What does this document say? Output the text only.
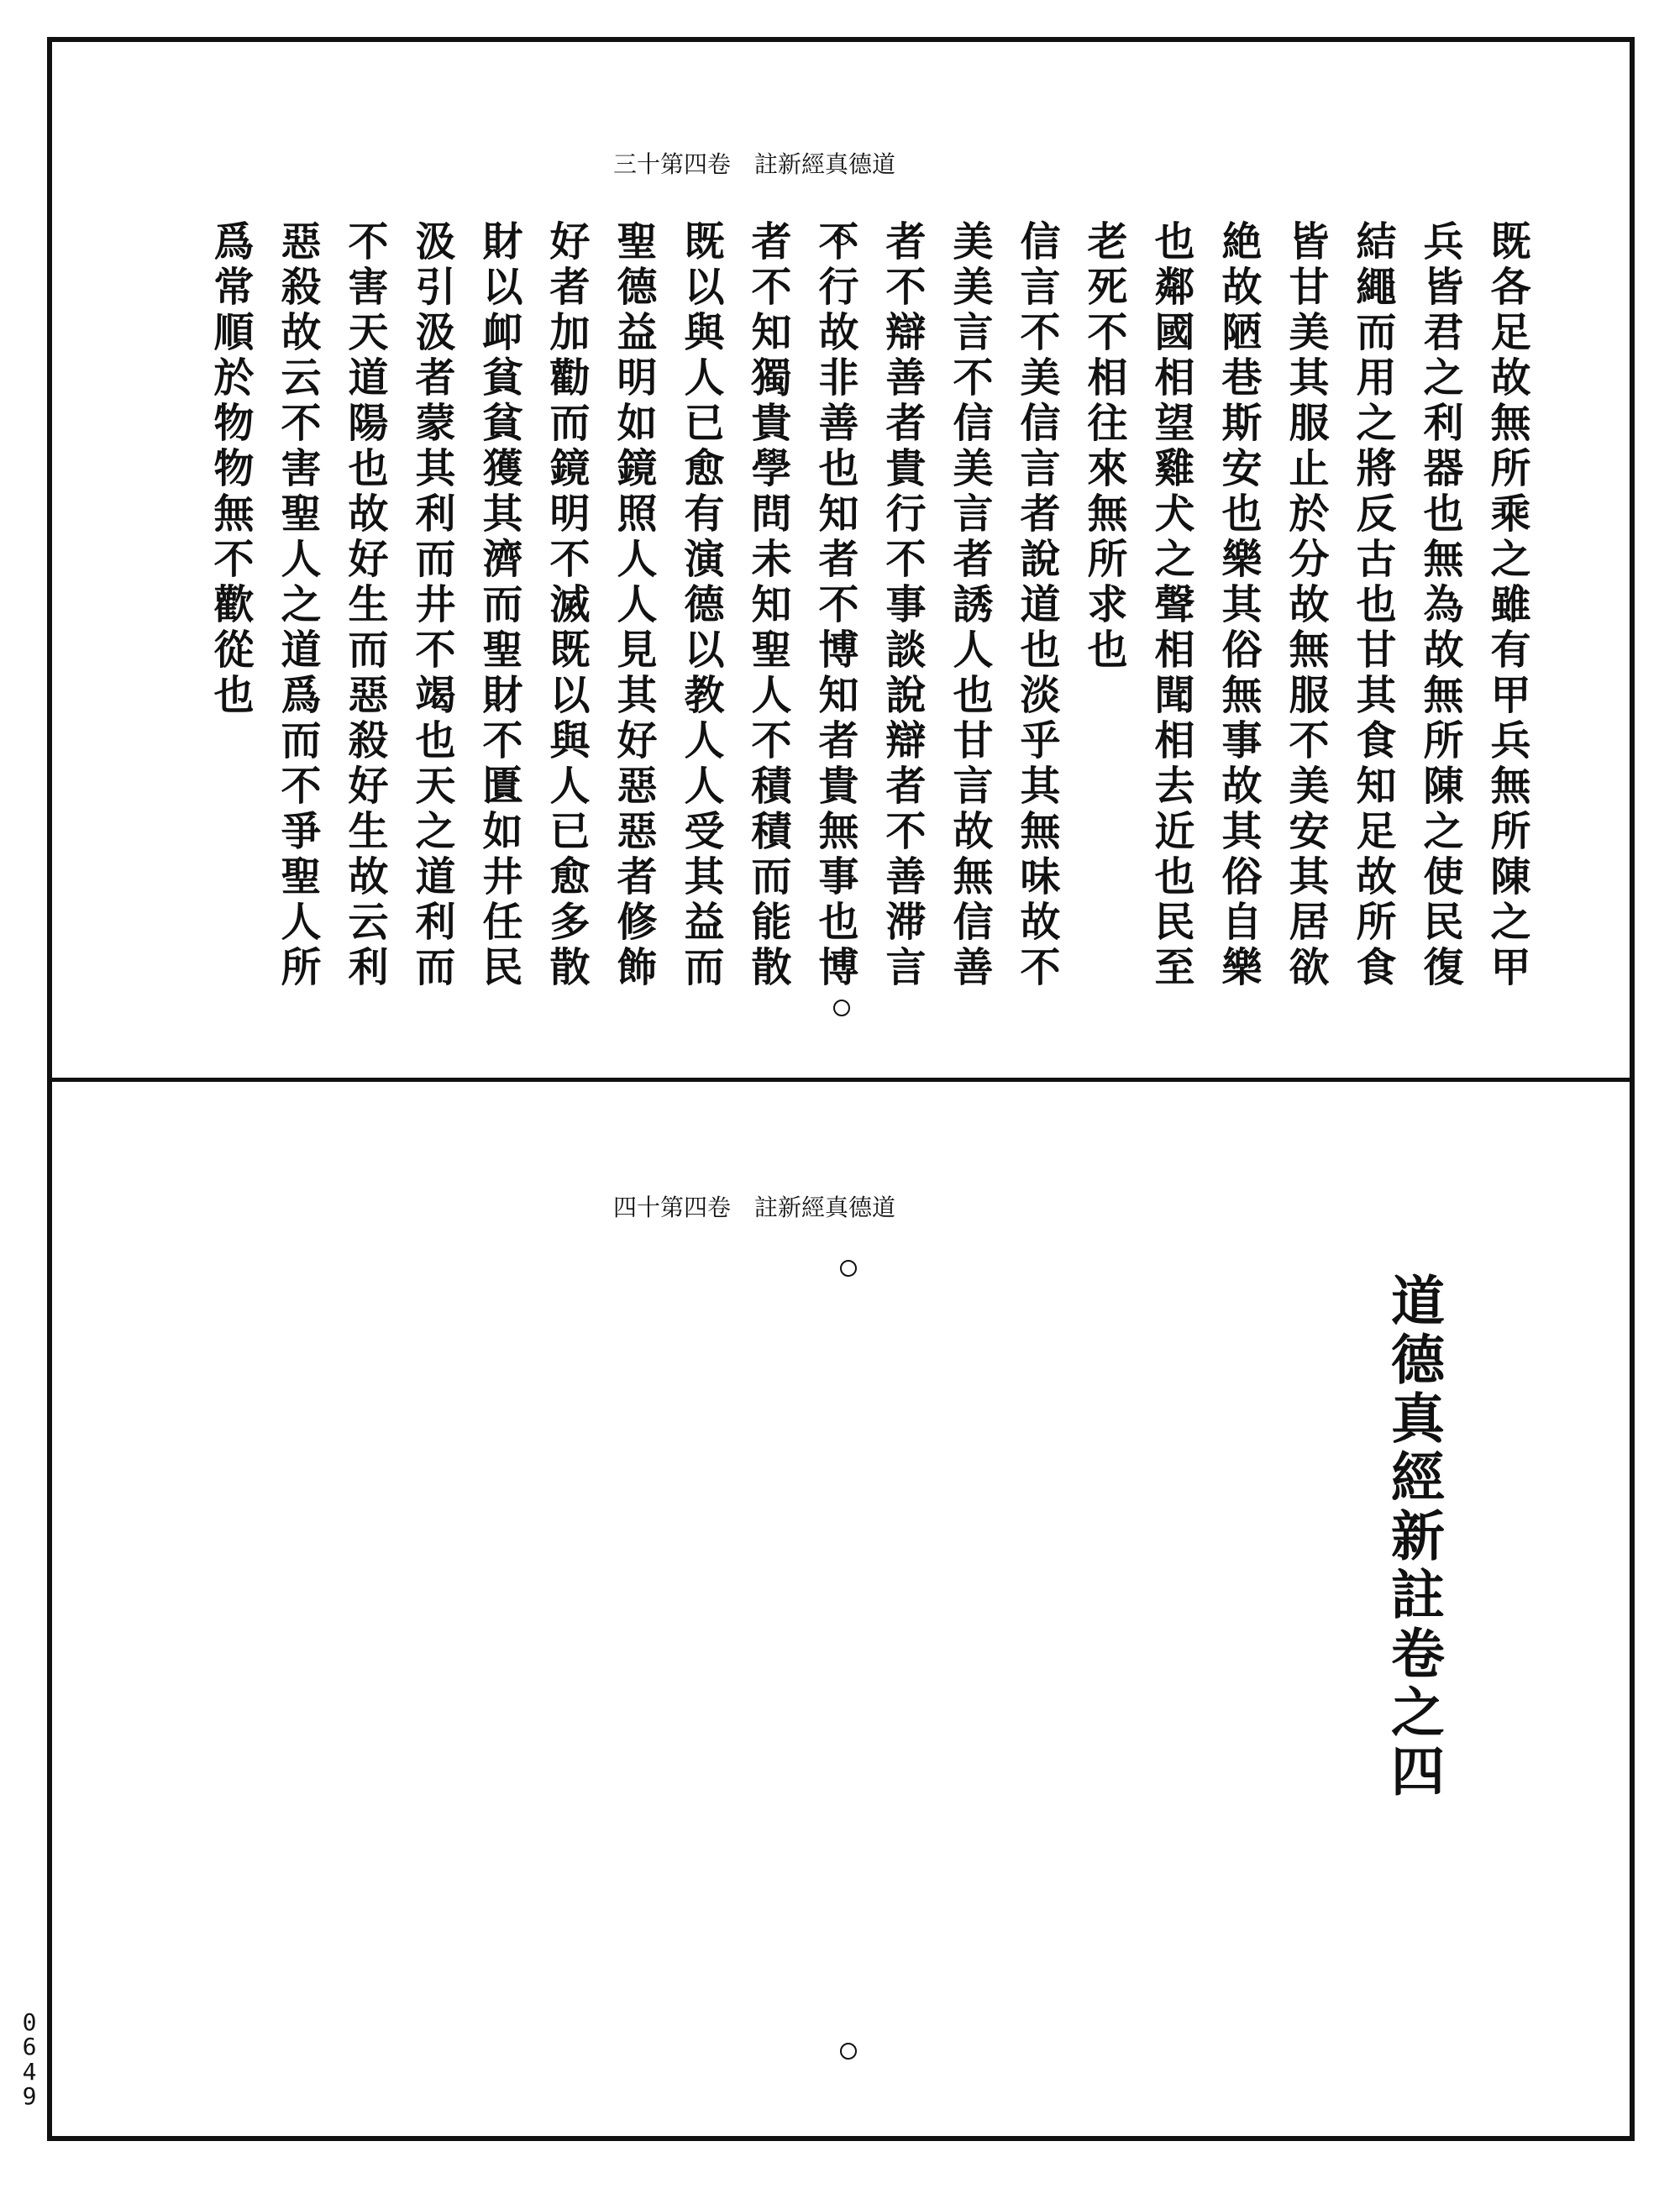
三十第四卷　註新經真德道
既各足故無所乘之雖有甲兵無所陳之甲
兵皆君之利器也無為故無所陳之使民復
結繩而用之將反古也甘其食知足故所食
皆甘美其服止於分故無服不美安其居欲
絶故陋巷斯安也樂其俗無事故其俗自樂
也鄰國相望雞犬之聲相聞相去近也民至
老死不相往來無所求也
信言不美信言者說道也淡乎其無味故不
美美言不信美言者誘人也甘言故無信善
者不辯善者貴行不事談說辯者不善滞言
不行故非善也知者不博知者貴無事也博
者不知獨貴學問未知聖人不積積而能散
既以與人已愈有演德以教人人受其益而
聖德益明如鏡照人人見其好惡惡者修飾
好者加勸而鏡明不滅既以與人已愈多散
財以卹貧貧獲其濟而聖財不匱如井任民
汲引汲者蒙其利而井不竭也天之道利而
不害天道陽也故好生而惡殺好生故云利
惡殺故云不害聖人之道爲而不爭聖人所
爲常順於物物無不歡從也
四十第四卷　註新經真德道
道德真經新註卷之四
0
6
4
9
